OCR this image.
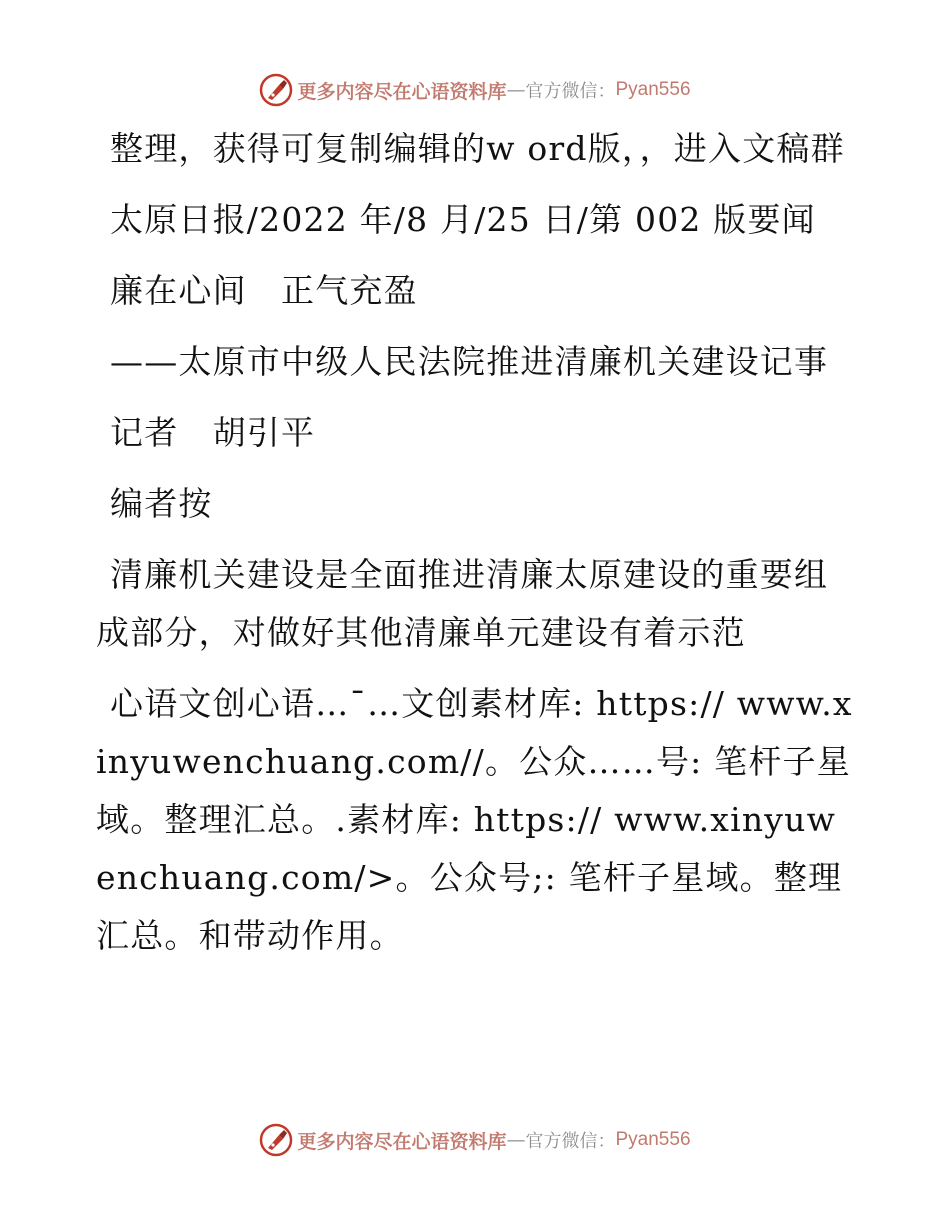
更多内容尽在心语资料库 — 官方微信： Pyan556

整理，获得可复制编辑的w ord版，，进入文稿群

太原日报/2022 年/8 月/25 日/第 002 版要闻

廉在心间　正气充盈

——太原市中级人民法院推进清廉机关建设记事

记者　胡引平

编者按

清廉机关建设是全面推进清廉太原建设的重要组成部分，对做好其他清廉单元建设有着示范

心语文创心语…¯…文创素材库: https:// www.xinyuwenchuang.com//。公众……号: 笔杆子星域。整理汇总。.素材库: https:// www.xinyuwenchuang.com/>。公众号;: 笔杆子星域。整理汇总。和带动作用。

更多内容尽在心语资料库 — 官方微信： Pyan556
